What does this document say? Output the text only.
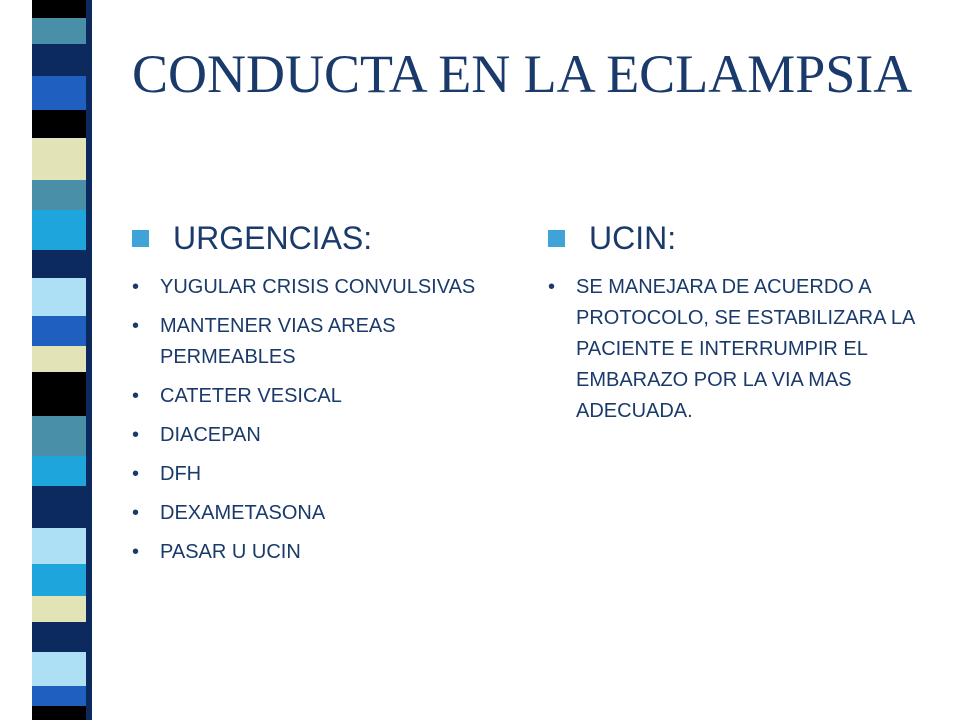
CONDUCTA EN LA ECLAMPSIA
URGENCIAS:
• YUGULAR CRISIS CONVULSIVAS
• MANTENER VIAS AREAS PERMEABLES
• CATETER VESICAL
• DIACEPAN
• DFH
• DEXAMETASONA
• PASAR U UCIN
UCIN:
• SE MANEJARA DE ACUERDO A PROTOCOLO, SE ESTABILIZARA LA PACIENTE E INTERRUMPIR EL EMBARAZO POR LA VIA MAS ADECUADA.
